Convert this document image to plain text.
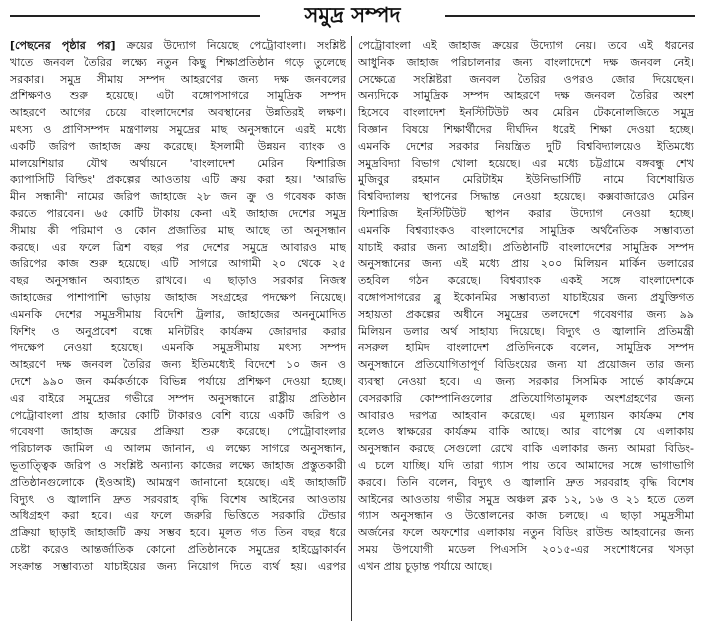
সমুদ্র সম্পদ
[পেছনের পৃষ্ঠার পর] ক্রয়ের উদ্যোগ নিয়েছে পেট্রোবাংলা। সংশ্লিষ্ট
খাতে জনবল তৈরির লক্ষ্যে নতুন কিছু শিক্ষাপ্রতিষ্ঠান গড়ে তুলেছে
সরকার। সমুদ্র সীমায় সম্পদ আহরণের জন্য দক্ষ জনবলের
প্রশিক্ষণও শুরু হয়েছে। এটা বঙ্গোপসাগরে সামুদ্রিক সম্পদ
আহরণে আগের চেয়ে বাংলাদেশের অবস্থানের উন্নতিরই লক্ষণ।
মৎস্য ও প্রাণিসম্পদ মন্ত্রণালয় সমুদ্রের মাছ অনুসন্ধানে এরই মধ্যে
একটি জরিপ জাহাজ ক্রয় করেছে। ইসলামী উন্নয়ন ব্যাংক ও
মালয়েশিয়ার যৌথ অর্থায়নে 'বাংলাদেশ মেরিন ফিশারিজ
ক্যাপাসিটি বিল্ডিং' প্রকল্পের আওতায় এটি ক্রয় করা হয়। 'আরভি
মীন সন্ধানী' নামের জরিপ জাহাজে ২৮ জন ক্রু ও গবেষক কাজ
করতে পারবেন। ৬৫ কোটি টাকায় কেনা এই জাহাজ দেশের সমুদ্র
সীমায় কী পরিমাণ ও কোন প্রজাতির মাছ আছে তা অনুসন্ধান
করছে। এর ফলে ত্রিশ বছর পর দেশের সমুদ্রে আবারও মাছ
জরিপের কাজ শুরু হয়েছে। এটি সাগরে আগামী ২০ থেকে ২৫
বছর অনুসন্ধান অব্যাহত রাখবে। এ ছাড়াও সরকার নিজস্ব
জাহাজের পাশাপাশি ভাড়ায় জাহাজ সংগ্রহের পদক্ষেপ নিয়েছে।
এমনকি দেশের সমুদ্রসীমায় বিদেশি ট্রলার, জাহাজের অননুমোদিত
ফিশিং ও অনুপ্রবেশ বন্ধে মনিটরিং কার্যক্রম জোরদার করার
পদক্ষেপ নেওয়া হয়েছে। এমনকি সমুদ্রসীমায় মৎস্য সম্পদ
আহরণে দক্ষ জনবল তৈরির জন্য ইতিমধ্যেই বিদেশে ১০ জন ও
দেশে ৯৯০ জন কর্মকর্তাকে বিভিন্ন পর্যায়ে প্রশিক্ষণ দেওয়া হচ্ছে।
এর বাইরে সমুদ্রের গভীরে সম্পদ অনুসন্ধানে রাষ্ট্রীয় প্রতিষ্ঠান
পেট্রোবাংলা প্রায় হাজার কোটি টাকারও বেশি ব্যয়ে একটি জরিপ ও
গবেষণা জাহাজ ক্রয়ের প্রক্রিয়া শুরু করেছে। পেট্রোবাংলার
পরিচালক জামিল এ আলম জানান, এ লক্ষ্যে সাগরে অনুসন্ধান,
ভূতাত্ত্বিক জরিপ ও সংশ্লিষ্ট অন্যান্য কাজের লক্ষ্যে জাহাজ প্রস্তুতকারী
প্রতিষ্ঠানগুলোকে (ইওআই) আমন্ত্রণ জানানো হয়েছে। এই জাহাজটি
বিদ্যুৎ ও জ্বালানি দ্রুত সরবরাহ বৃদ্ধি বিশেষ আইনের আওতায়
অধিগ্রহণ করা হবে। এর ফলে জরুরি ভিত্তিতে সরকারি টেন্ডার
প্রক্রিয়া ছাড়াই জাহাজটি ক্রয় সম্ভব হবে। মূলত গত তিন বছর ধরে
চেষ্টা করেও আন্তর্জাতিক কোনো প্রতিষ্ঠানকে সমুদ্রের হাইড্রোকার্বন
সংক্রান্ত সম্ভাব্যতা যাচাইয়ের জন্য নিয়োগ দিতে ব্যর্থ হয়। এরপর
পেট্রোবাংলা এই জাহাজ ক্রয়ের উদ্যোগ নেয়। তবে এই ধরনের
আধুনিক জাহাজ পরিচালনার জন্য বাংলাদেশে দক্ষ জনবল নেই।
সেক্ষেত্রে সংশ্লিষ্টরা জনবল তৈরির ওপরও জোর দিয়েছেন।
অন্যদিকে সামুদ্রিক সম্পদ আহরণে দক্ষ জনবল তৈরির অংশ
হিসেবে বাংলাদেশ ইনস্টিটিউট অব মেরিন টেকনোলজিতে সমুদ্র
বিজ্ঞান বিষয়ে শিক্ষার্থীদের দীর্ঘদিন ধরেই শিক্ষা দেওয়া হচ্ছে।
এমনকি দেশের সরকার নিয়ন্ত্রিত দুটি বিশ্ববিদ্যালয়েও ইতিমধ্যে
সমুদ্রবিদ্যা বিভাগ খোলা হয়েছে। এর মধ্যে চট্টগ্রামে বঙ্গবন্ধু শেখ
মুজিবুর রহমান মেরিটাইম ইউনিভার্সিটি নামে বিশেষায়িত
বিশ্ববিদ্যালয় স্থাপনের সিদ্ধান্ত নেওয়া হয়েছে। কক্সবাজারেও মেরিন
ফিশারিজ ইনস্টিটিউট স্থাপন করার উদ্যোগ নেওয়া হচ্ছে।
এমনকি বিশ্বব্যাংকও বাংলাদেশের সামুদ্রিক অর্থনৈতিক সম্ভাব্যতা
যাচাই করার জন্য আগ্রহী। প্রতিষ্ঠানটি বাংলাদেশের সামুদ্রিক সম্পদ
অনুসন্ধানের জন্য এই মধ্যে প্রায় ২০০ মিলিয়ন মার্কিন ডলারের
তহবিল গঠন করেছে। বিশ্বব্যাংক একই সঙ্গে বাংলাদেশকে
বঙ্গোপসাগরের ব্লু ইকোনমির সম্ভাব্যতা যাচাইয়ের জন্য প্রযুক্তিগত
সহায়তা প্রকল্পের অধীনে সমুদ্রের তলদেশে গবেষণার জন্য ৯৯
মিলিয়ন ডলার অর্থ সাহায্য দিয়েছে। বিদ্যুৎ ও জ্বালানি প্রতিমন্ত্রী
নসরুল হামিদ বাংলাদেশ প্রতিদিনকে বলেন, সামুদ্রিক সম্পদ
অনুসন্ধানে প্রতিযোগিতাপূর্ণ বিডিংয়ের জন্য যা প্রয়োজন তার জন্য
ব্যবস্থা নেওয়া হবে। এ জন্য সরকার সিসমিক সার্ভে কার্যক্রমে
বেসরকারি কোম্পানিগুলোর প্রতিযোগিতামূলক অংশগ্রহণের জন্য
আবারও দরপত্র আহবান করেছে। এর মূল্যায়ন কার্যক্রম শেষ
হলেও স্বাক্ষরের কার্যক্রম বাকি আছে। আর বাপেক্স যে এলাকায়
অনুসন্ধান করছে সেগুলো রেখে বাকি এলাকার জন্য আমরা বিডিং-
এ চলে যাচ্ছি। যদি তারা গ্যাস পায় তবে আমাদের সঙ্গে ভাগাভাগি
করবে। তিনি বলেন, বিদ্যুৎ ও জ্বালানি দ্রুত সরবরাহ বৃদ্ধি বিশেষ
আইনের আওতায় গভীর সমুদ্র অঞ্চল ব্লক ১২, ১৬ ও ২১ হতে তেল
গ্যাস অনুসন্ধান ও উত্তোলনের কাজ চলছে। এ ছাড়া সমুদ্রসীমা
অর্জনের ফলে অফশোর এলাকায় নতুন বিডিং রাউন্ড আহবানের জন্য
সময় উপযোগী মডেল পিএসসি ২০১৫-এর সংশোধনের খসড়া
এখন প্রায় চূড়ান্ত পর্যায়ে আছে।
